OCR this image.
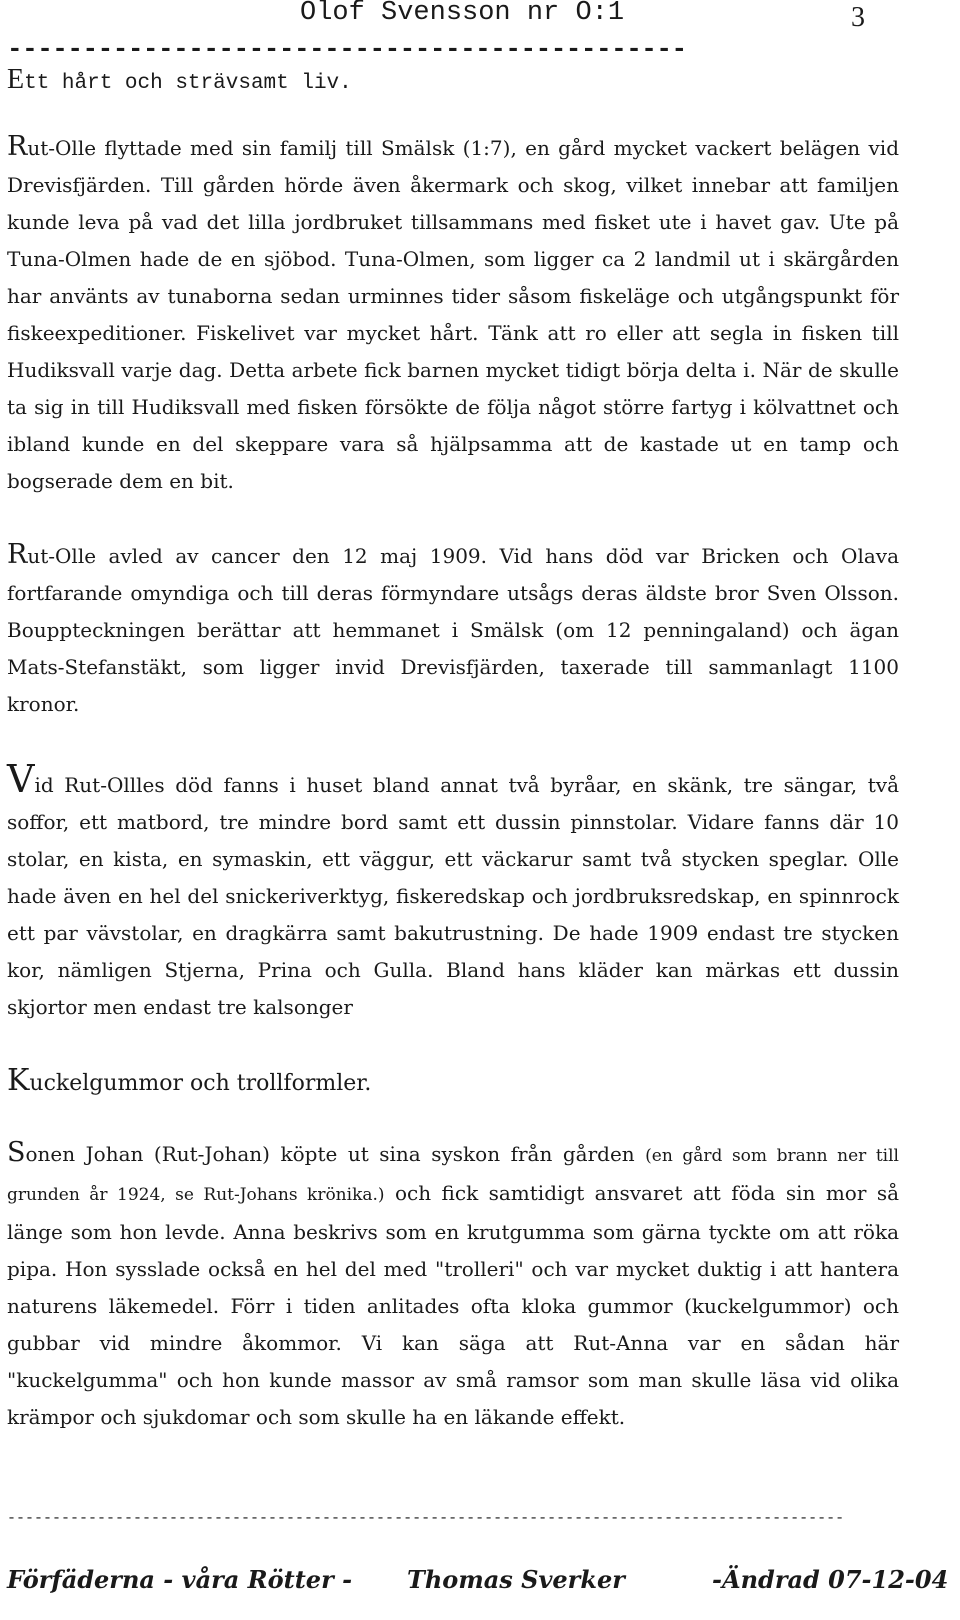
Olof Svensson nr O:1	3
---------------------------------------------
Ett hårt och strävsamt liv.

Rut-Olle flyttade med sin familj till Smälsk (1:7), en gård mycket vackert belägen vid Drevisfjärden. Till gården hörde även åkermark och skog, vilket innebar att familjen kunde leva på vad det lilla jordbruket tillsammans med fisket ute i havet gav. Ute på Tuna-Olmen hade de en sjöbod. Tuna-Olmen, som ligger ca 2 landmil ut i skärgården har använts av tunaborna sedan urminnes tider såsom fiskeläge och utgångspunkt för fiskeexpeditioner. Fiskelivet var mycket hårt. Tänk att ro eller att segla in fisken till Hudiksvall varje dag. Detta arbete fick barnen mycket tidigt börja delta i. När de skulle ta sig in till Hudiksvall med fisken försökte de följa något större fartyg i kölvattnet och ibland kunde en del skeppare vara så hjälpsamma att de kastade ut en tamp och bogserade dem en bit.

Rut-Olle avled av cancer den 12 maj 1909. Vid hans död var Bricken och Olava fortfarande omyndiga och till deras förmyndare utsågs deras äldste bror Sven Olsson. Bouppteckningen berättar att hemmanet i Smälsk (om 12 penningaland) och ägan Mats-Stefanstäkt, som ligger invid Drevisfjärden, taxerade till sammanlagt 1100 kronor.

Vid Rut-Ollles död fanns i huset bland annat två byråar, en skänk, tre sängar, två soffor, ett matbord, tre mindre bord samt ett dussin pinnstolar. Vidare fanns där 10 stolar, en kista, en symaskin, ett väggur, ett väckarur samt två stycken speglar. Olle hade även en hel del snickeriverktyg, fiskeredskap och jordbruksredskap, en spinnrock ett par vävstolar, en dragkärra samt bakutrustning. De hade 1909 endast tre stycken kor, nämligen Stjerna, Prina och Gulla. Bland hans kläder kan märkas ett dussin skjortor men endast tre kalsonger

Kuckelgummor och trollformler.

Sonen Johan (Rut-Johan) köpte ut sina syskon från gården (en gård som brann ner till grunden år 1924, se Rut-Johans krönika.) och fick samtidigt ansvaret att föda sin mor så länge som hon levde. Anna beskrivs som en krutgumma som gärna tyckte om att röka pipa. Hon sysslade också en hel del med "trolleri" och var mycket duktig i att hantera naturens läkemedel. Förr i tiden anlitades ofta kloka gummor (kuckelgummor) och gubbar vid mindre åkommor. Vi kan säga att Rut-Anna var en sådan här "kuckelgumma" och hon kunde massor av små ramsor som man skulle läsa vid olika krämpor och sjukdomar och som skulle ha en läkande effekt.

---------------------------------------------------------------------------------------------
Förfäderna - våra Rötter - Thomas Sverker	-Ändrad 07-12-04
